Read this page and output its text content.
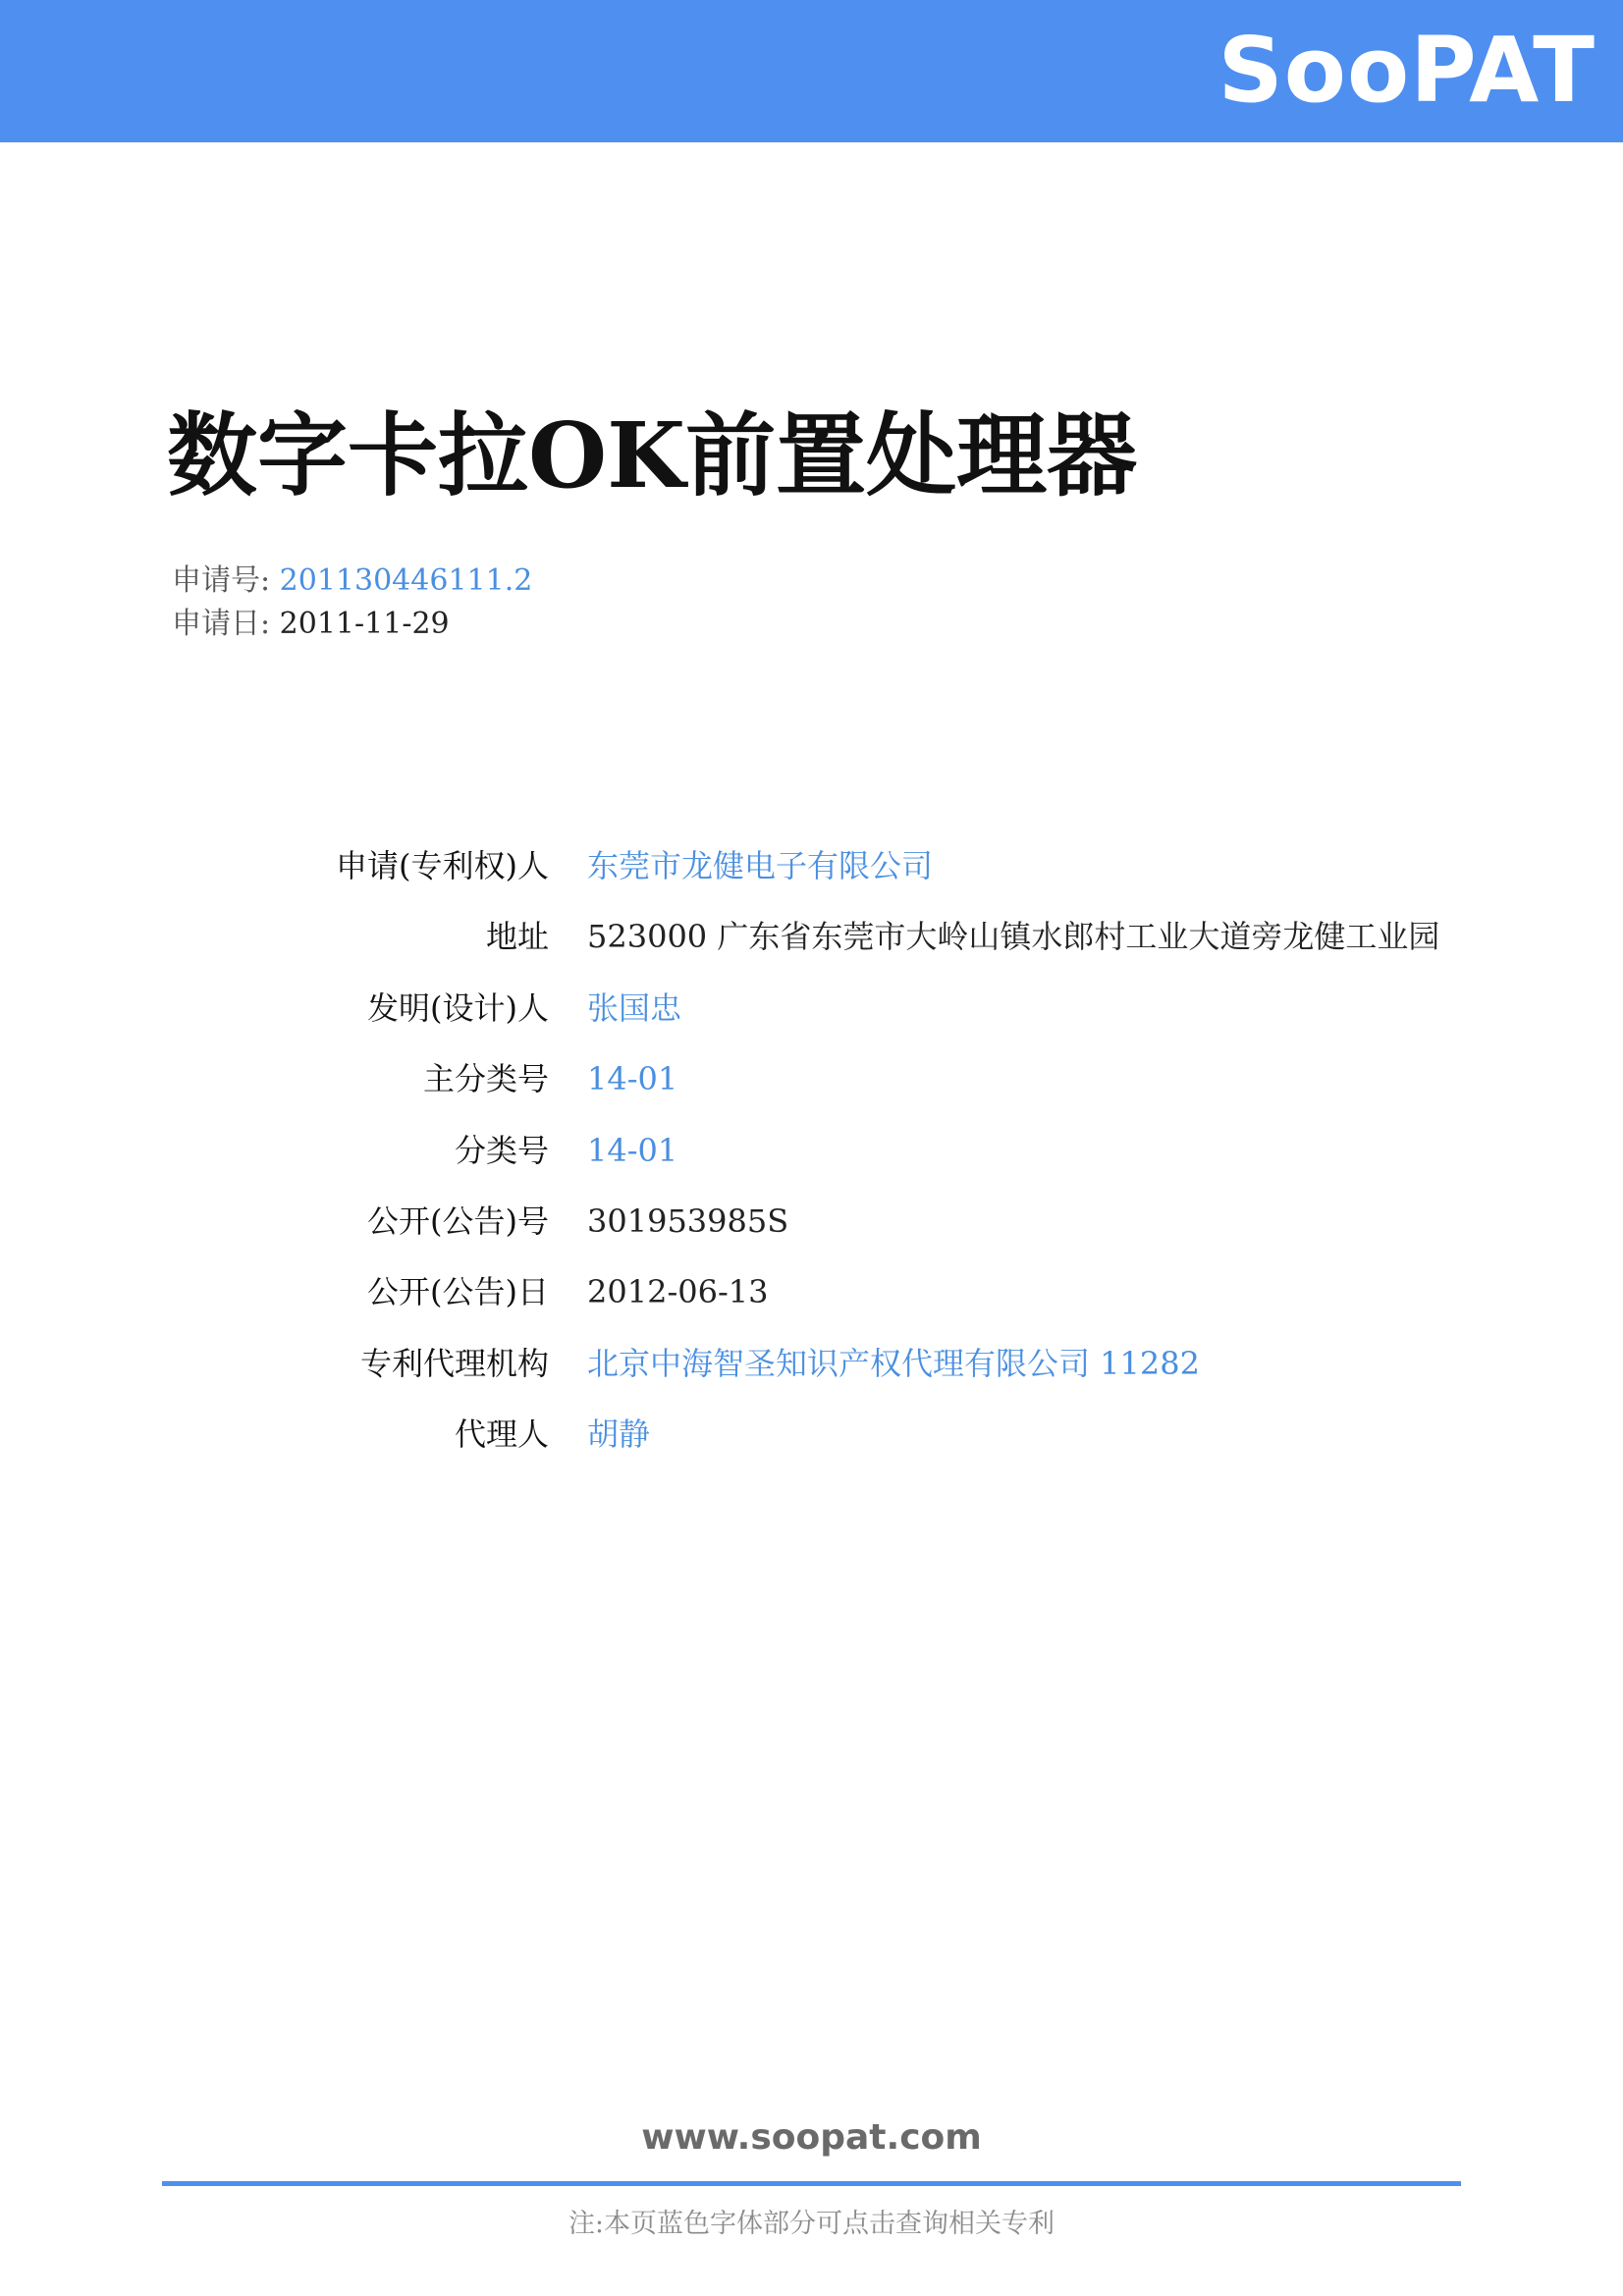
SooPAT
数字卡拉OK前置处理器
申请号: 201130446111.2
申请日: 2011-11-29
申请(专利权)人 东莞市龙健电子有限公司
地址 523000 广东省东莞市大岭山镇水郎村工业大道旁龙健工业园
发明(设计)人 张国忠
主分类号 14-01
分类号 14-01
公开(公告)号 301953985S
公开(公告)日 2012-06-13
专利代理机构 北京中海智圣知识产权代理有限公司 11282
代理人 胡静
www.soopat.com
注:本页蓝色字体部分可点击查询相关专利
